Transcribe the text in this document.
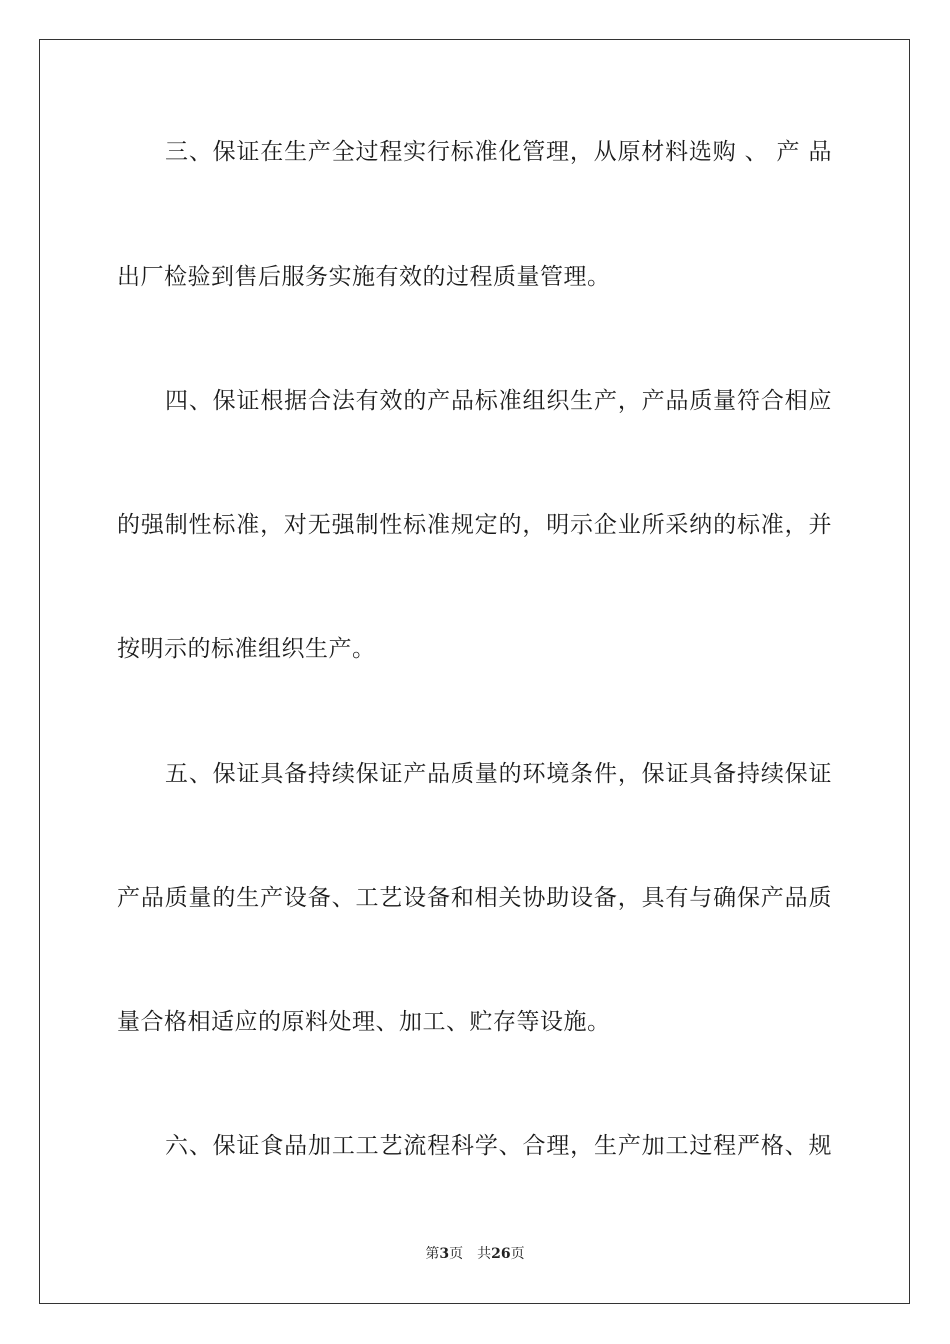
三、保证在生产全过程实行标准化管理，从原材料选购 、 产 品
出厂检验到售后服务实施有效的过程质量管理。
四、保证根据合法有效的产品标准组织生产，产品质量符合相应
的强制性标准，对无强制性标准规定的，明示企业所采纳的标准，并
按明示的标准组织生产。
五、保证具备持续保证产品质量的环境条件，保证具备持续保证
产品质量的生产设备、工艺设备和相关协助设备，具有与确保产品质
量合格相适应的原料处理、加工、贮存等设施。
六、保证食品加工工艺流程科学、合理，生产加工过程严格、规
第3页 共26页
